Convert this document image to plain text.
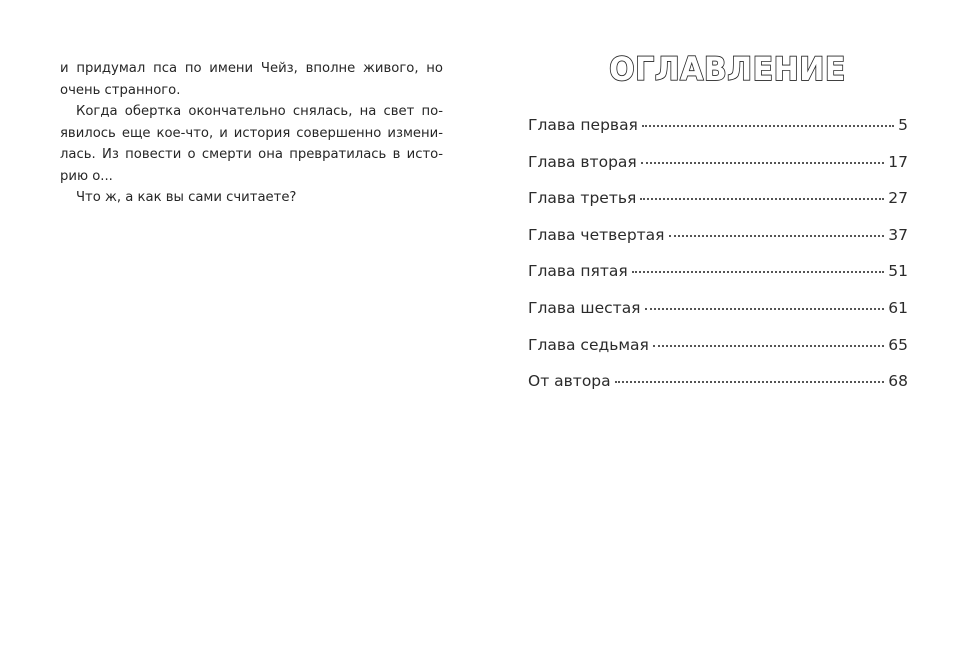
и придумал пса по имени Чейз, вполне живого, но
очень странного.
Когда обертка окончательно снялась, на свет по-
явилось еще кое-что, и история совершенно измени-
лась. Из повести о смерти она превратилась в исто-
рию о...
Что ж, а как вы сами считаете?
ОГЛАВЛЕНИЕ
Глава первая	5
Глава вторая	17
Глава третья	27
Глава четвертая	37
Глава пятая	51
Глава шестая	61
Глава седьмая	65
От автора	68
